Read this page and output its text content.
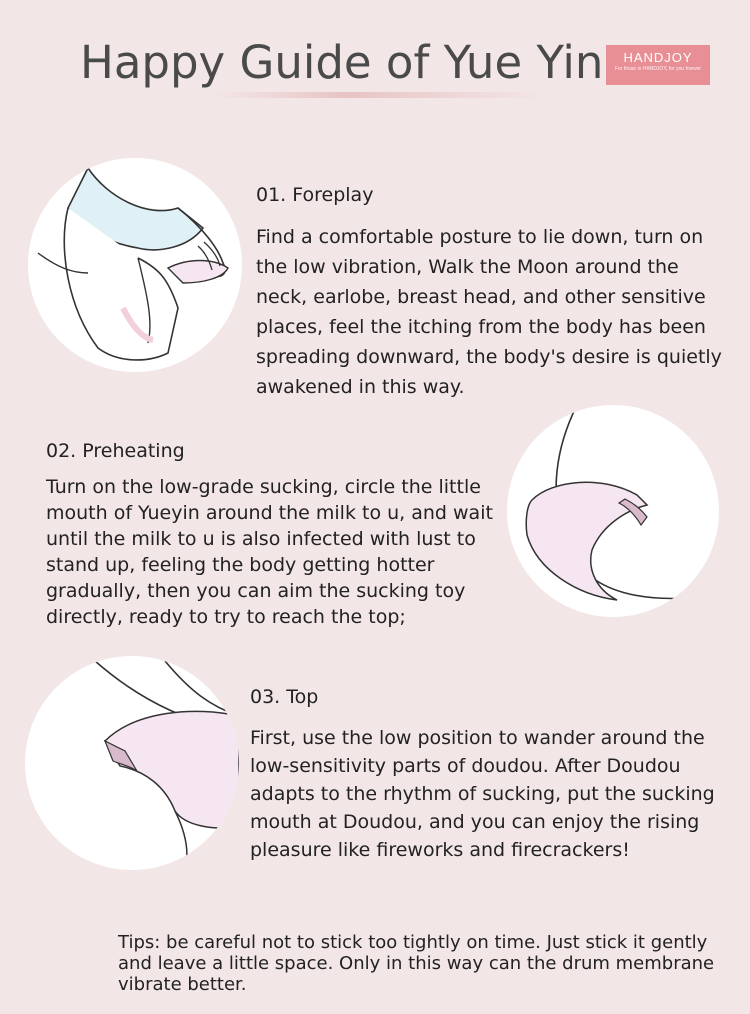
Happy Guide of Yue Yin	HANDJOY
For those in HANDJOY, for you forever
01. Foreplay
Find a comfortable posture to lie down, turn on the low vibration, Walk the Moon around the neck, earlobe, breast head, and other sensitive places, feel the itching from the body has been spreading downward, the body's desire is quietly awakened in this way.
02. Preheating
Turn on the low-grade sucking, circle the little mouth of Yueyin around the milk to u, and wait until the milk to u is also infected with lust to stand up, feeling the body getting hotter gradually, then you can aim the sucking toy directly, ready to try to reach the top;
03. Top
First, use the low position to wander around the low-sensitivity parts of doudou. After Doudou adapts to the rhythm of sucking, put the sucking mouth at Doudou, and you can enjoy the rising pleasure like fireworks and firecrackers!
Tips: be careful not to stick too tightly on time. Just stick it gently and leave a little space. Only in this way can the drum membrane vibrate better.
